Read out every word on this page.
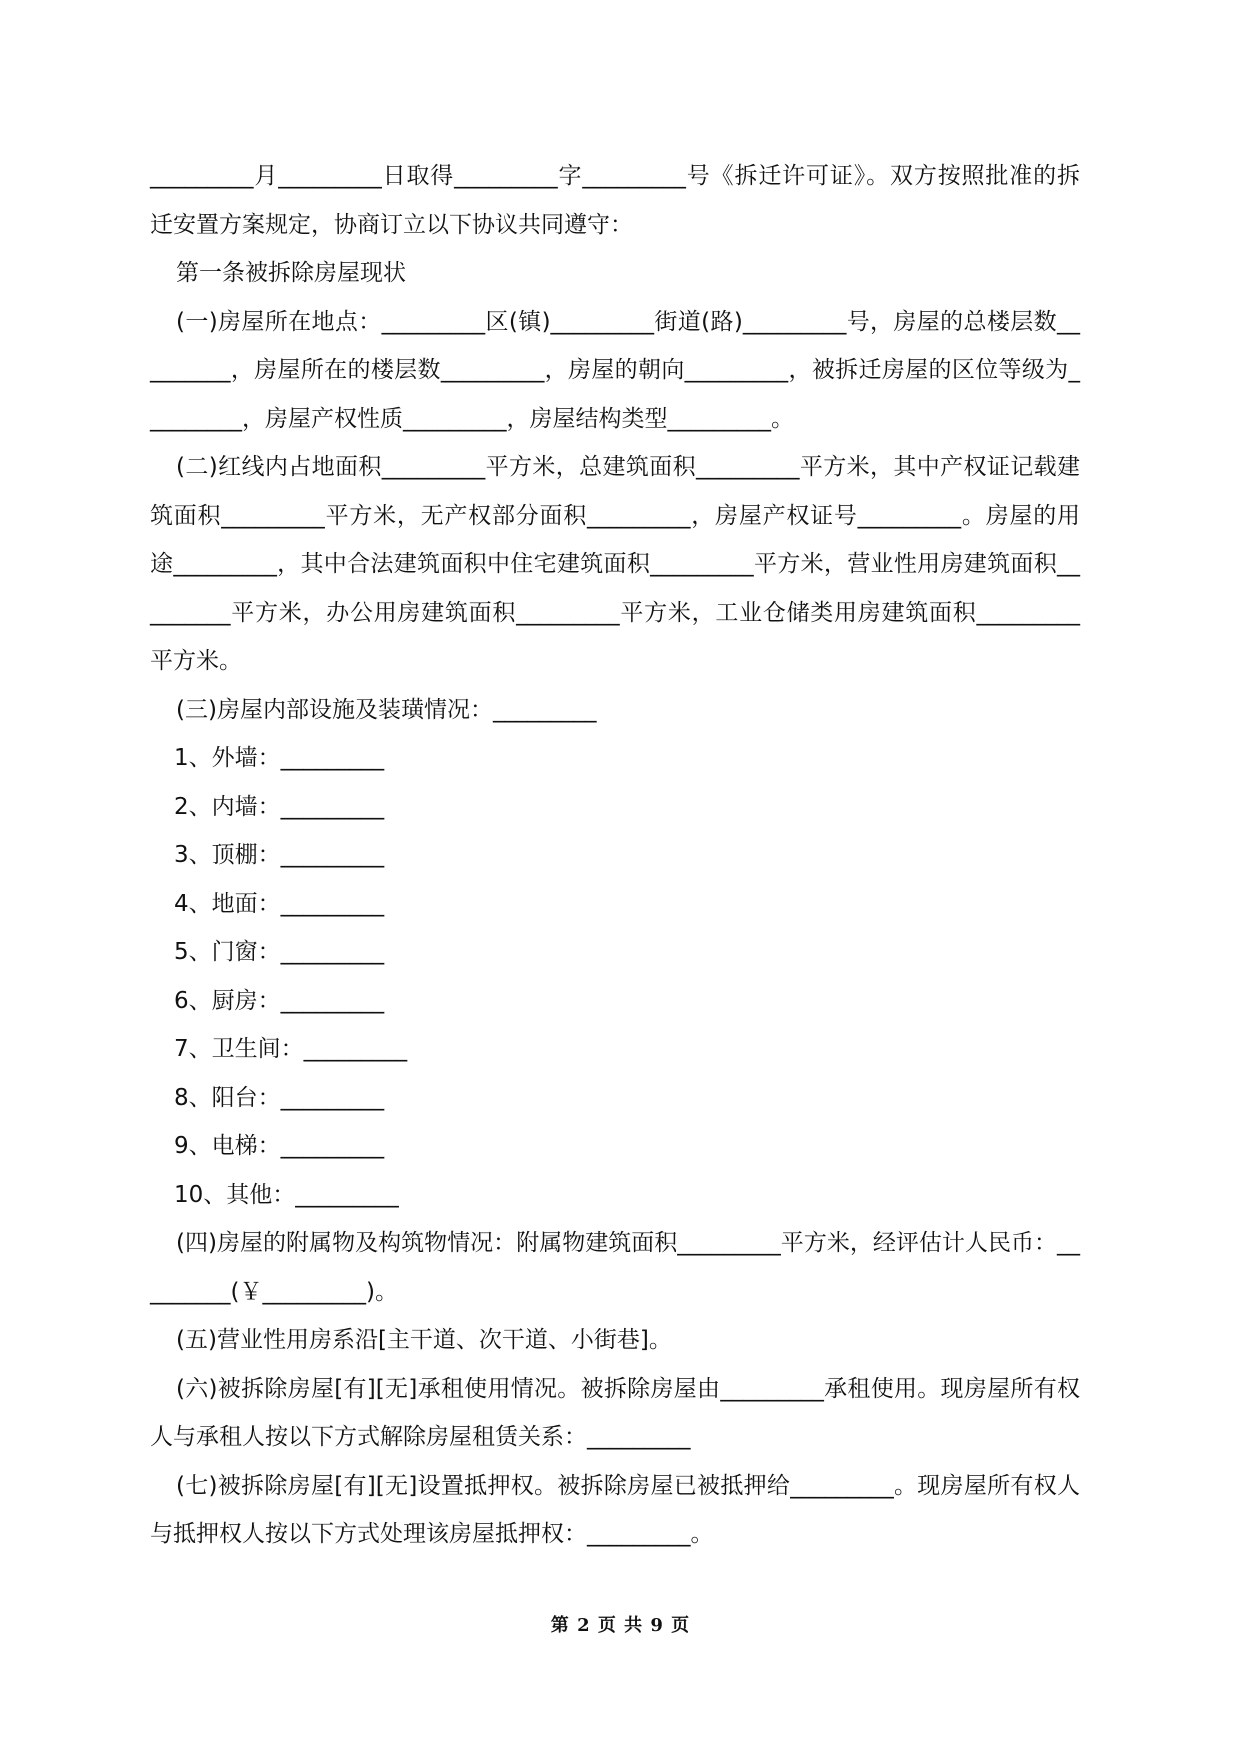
_________月_________日取得_________字_________号《拆迁许可证》。双方按照批准的拆迁安置方案规定，协商订立以下协议共同遵守：

第一条被拆除房屋现状

(一)房屋所在地点：_________区(镇)_________街道(路)_________号，房屋的总楼层数_________，房屋所在的楼层数_________，房屋的朝向_________，被拆迁房屋的区位等级为_________，房屋产权性质_________，房屋结构类型_________。

(二)红线内占地面积_________平方米，总建筑面积_________平方米，其中产权证记载建筑面积_________平方米，无产权部分面积_________，房屋产权证号_________。房屋的用途_________，其中合法建筑面积中住宅建筑面积_________平方米，营业性用房建筑面积_________平方米，办公用房建筑面积_________平方米，工业仓储类用房建筑面积_________平方米。

(三)房屋内部设施及装璜情况：_________

1、外墙：_________

2、内墙：_________

3、顶棚：_________

4、地面：_________

5、门窗：_________

6、厨房：_________

7、卫生间：_________

8、阳台：_________

9、电梯：_________

10、其他：_________

(四)房屋的附属物及构筑物情况：附属物建筑面积_________平方米，经评估计人民币：_________(￥_________)。

(五)营业性用房系沿[主干道、次干道、小街巷]。

(六)被拆除房屋[有][无]承租使用情况。被拆除房屋由_________承租使用。现房屋所有权人与承租人按以下方式解除房屋租赁关系：_________

(七)被拆除房屋[有][无]设置抵押权。被拆除房屋已被抵押给_________。现房屋所有权人与抵押权人按以下方式处理该房屋抵押权：_________。

第 2 页 共 9 页
